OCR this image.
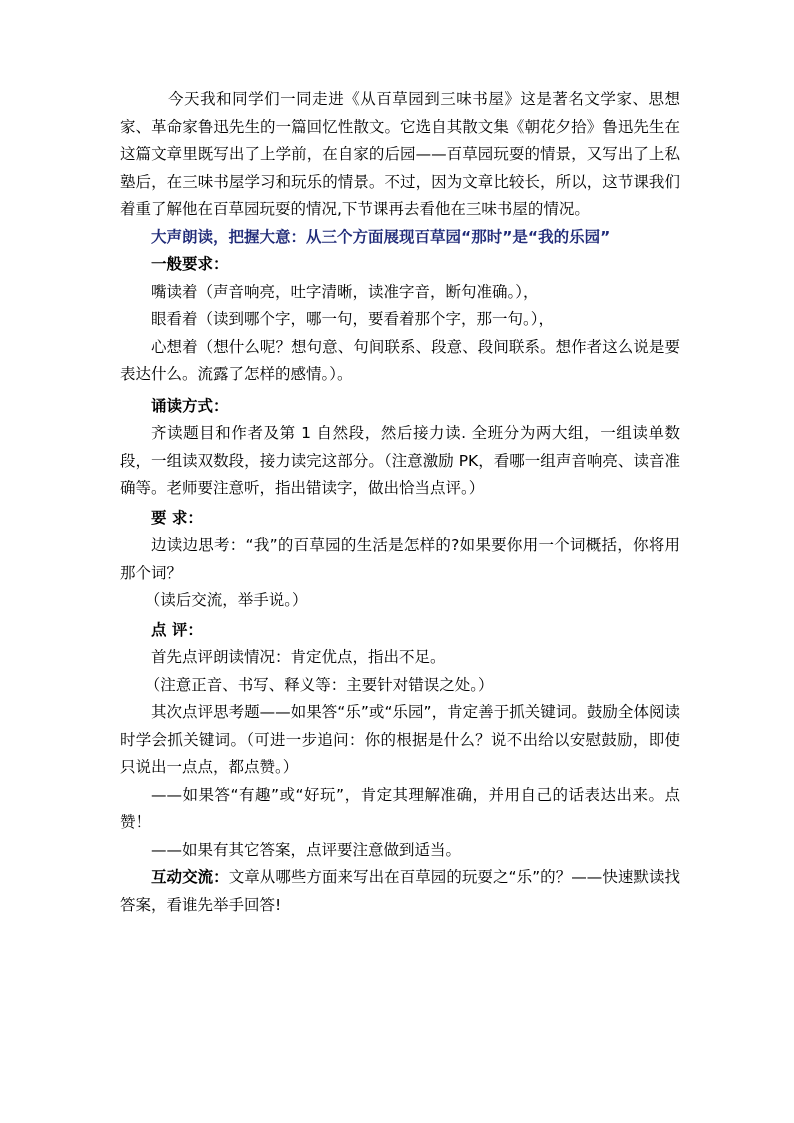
今天我和同学们一同走进《从百草园到三味书屋》这是著名文学家、思想家、革命家鲁迅先生的一篇回忆性散文。它选自其散文集《朝花夕拾》鲁迅先生在这篇文章里既写出了上学前，在自家的后园——百草园玩耍的情景，又写出了上私塾后，在三味书屋学习和玩乐的情景。不过，因为文章比较长，所以，这节课我们着重了解他在百草园玩耍的情况,下节课再去看他在三味书屋的情况。

大声朗读，把握大意：从三个方面展现百草园“那时”是“我的乐园”

一般要求：

嘴读着（声音响亮，吐字清晰，读准字音，断句准确。），

眼看着（读到哪个字，哪一句，要看着那个字，那一句。），

心想着（想什么呢？想句意、句间联系、段意、段间联系。想作者这么说是要表达什么。流露了怎样的感情。）。

诵读方式：

齐读题目和作者及第 1 自然段，然后接力读. 全班分为两大组，一组读单数段，一组读双数段，接力读完这部分。（注意激励 PK，看哪一组声音响亮、读音准确等。老师要注意听，指出错读字，做出恰当点评。）

要 求：

边读边思考：“我”的百草园的生活是怎样的?如果要你用一个词概括，你将用那个词？

（读后交流，举手说。）

点 评：

首先点评朗读情况：肯定优点，指出不足。

（注意正音、书写、释义等：主要针对错误之处。）

其次点评思考题——如果答“乐”或“乐园”，肯定善于抓关键词。鼓励全体阅读时学会抓关键词。（可进一步追问：你的根据是什么？说不出给以安慰鼓励，即使只说出一点点，都点赞。）

——如果答“有趣”或“好玩”，肯定其理解准确，并用自己的话表达出来。点赞！

——如果有其它答案，点评要注意做到适当。

互动交流：文章从哪些方面来写出在百草园的玩耍之“乐”的？——快速默读找答案，看谁先举手回答!
